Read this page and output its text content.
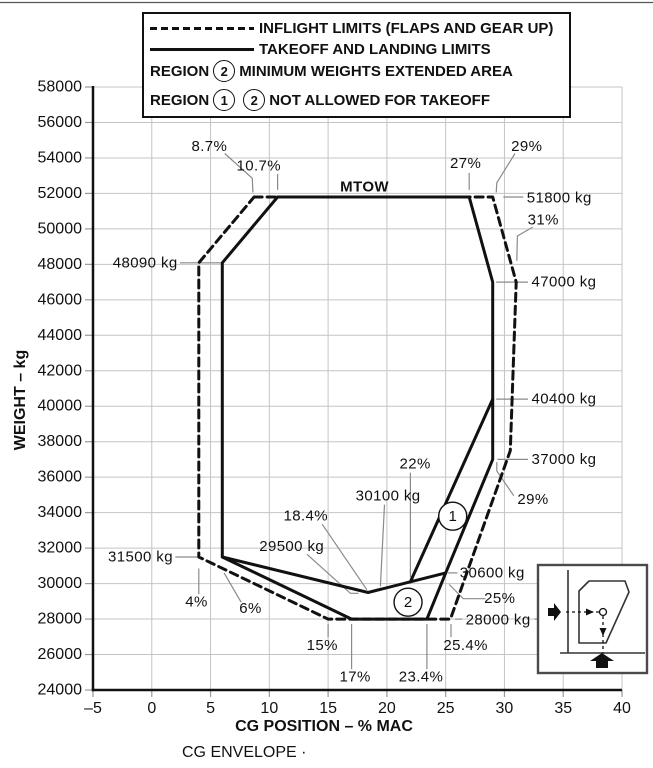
–5	0	5	10	15	20	25	30	35	40
24000
26000
28000
30000
32000
34000
36000
38000
40000
42000
44000
46000
48000
50000
52000
54000
56000
58000
1
2
8.7%
10.7%	27%
29%
51800 kg
31%
48090 kg
47000 kg
40400 kg
37000 kg
29%
22%
30100 kg
18.4%
29500 kg
31500 kg
4% 6%
30600 kg
25%
28000 kg
15%	25.4%
17% 23.4%
MTOW
INFLIGHT LIMITS (FLAPS AND GEAR UP)
TAKEOFF AND LANDING LIMITS
REGION 2 MINIMUM WEIGHTS EXTENDED AREA
REGION 1	2 NOT ALLOWED FOR TAKEOFF
WEIGHT – kg
CG POSITION – % MAC
CG ENVELOPE ·
